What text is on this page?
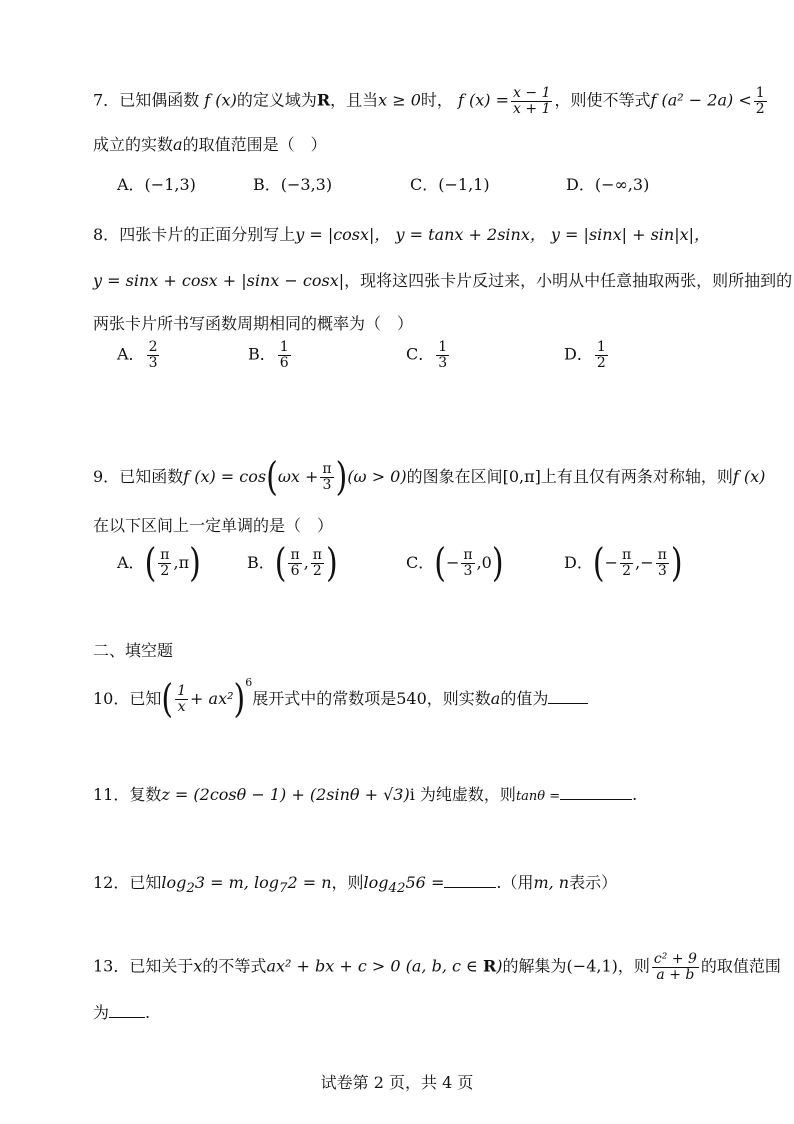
7．已知偶函数 f (x)的定义域为R，且当x ≥ 0时， f $(x) = \frac{x - 1}{x + 1}$ ，则使不等式f $(a^2 - 2a) < \frac{1}{2}$
成立的实数a的取值范围是（　）
A．(−1,3)	B．(−3,3)	C．(−1,1)	D．(−∞,3)
8．四张卡片的正面分别写上y = |cosx|， y = tanx + 2sinx， y = |sinx| + sin|x|，
y = sinx + cosx + |sinx − cosx|，现将这四张卡片反过来，小明从中任意抽取两张，则所抽到的
两张卡片所书写函数周期相同的概率为（　）
A． $\frac{2}{3}$	B． $\frac{1}{6}$	C． $\frac{1}{3}$	D． $\frac{1}{2}$
9．已知函数f $(x) = \cos(\omega x + \frac{\pi}{3} )(\omega > 0)$的图象在区间[0,π]上有且仅有两条对称轴，则f (x)
在以下区间上一定单调的是（　）
A．( $\frac{\pi}{2} ,\pi$)	B．( $\frac{\pi}{6}$ , $\frac{\pi}{2}$ )	C．(− $\frac{\pi}{3} ,0$)	D．(− $\frac{\pi}{2}$ ,− $\frac{\pi}{3}$ )
二、填空题
10．已知( $\frac{1}{x} + ax^2)^6$展开式中的常数项是540，则实数a的值为
11．复数z = (2cosθ − 1) + (2sinθ + √3)i 为纯虚数，则tanθ =	.
12．已知$\log_23 = m$, $\log_72 = n$，则$\log_{42}56$ =	.（用m, n表示）
13．已知关于x的不等式ax² + bx + c > 0 (a, b, c ∈ R)的解集为(−4,1)，则 $\frac{\text{c² + 9}}{a + b}$ 的取值范围
为 .
试卷第 2 页，共 4 页
